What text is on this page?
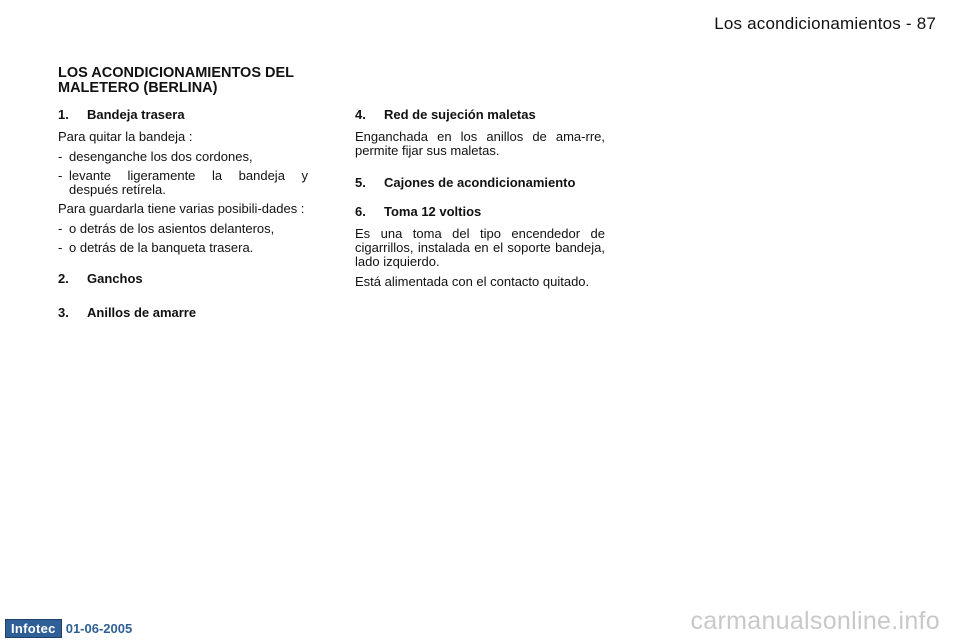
Los acondicionamientos - 87
LOS ACONDICIONAMIENTOS DEL MALETERO (BERLINA)
1. Bandeja trasera

Para quitar la bandeja :

- desenganche los dos cordones,
- levante ligeramente la bandeja y después retírela.

Para guardarla tiene varias posibili-dades :

- o detrás de los asientos delanteros,
- o detrás de la banqueta trasera.
2. Ganchos
3. Anillos de amarre
4. Red de sujeción maletas

Enganchada en los anillos de ama-rre, permite fijar sus maletas.

5. Cajones de acondicionamiento
6. Toma 12 voltios

Es una toma del tipo encendedor de cigarrillos, instalada en el soporte bandeja, lado izquierdo.

Está alimentada con el contacto quitado.

Infotec 01-06-2005	carmanualsonline.info
